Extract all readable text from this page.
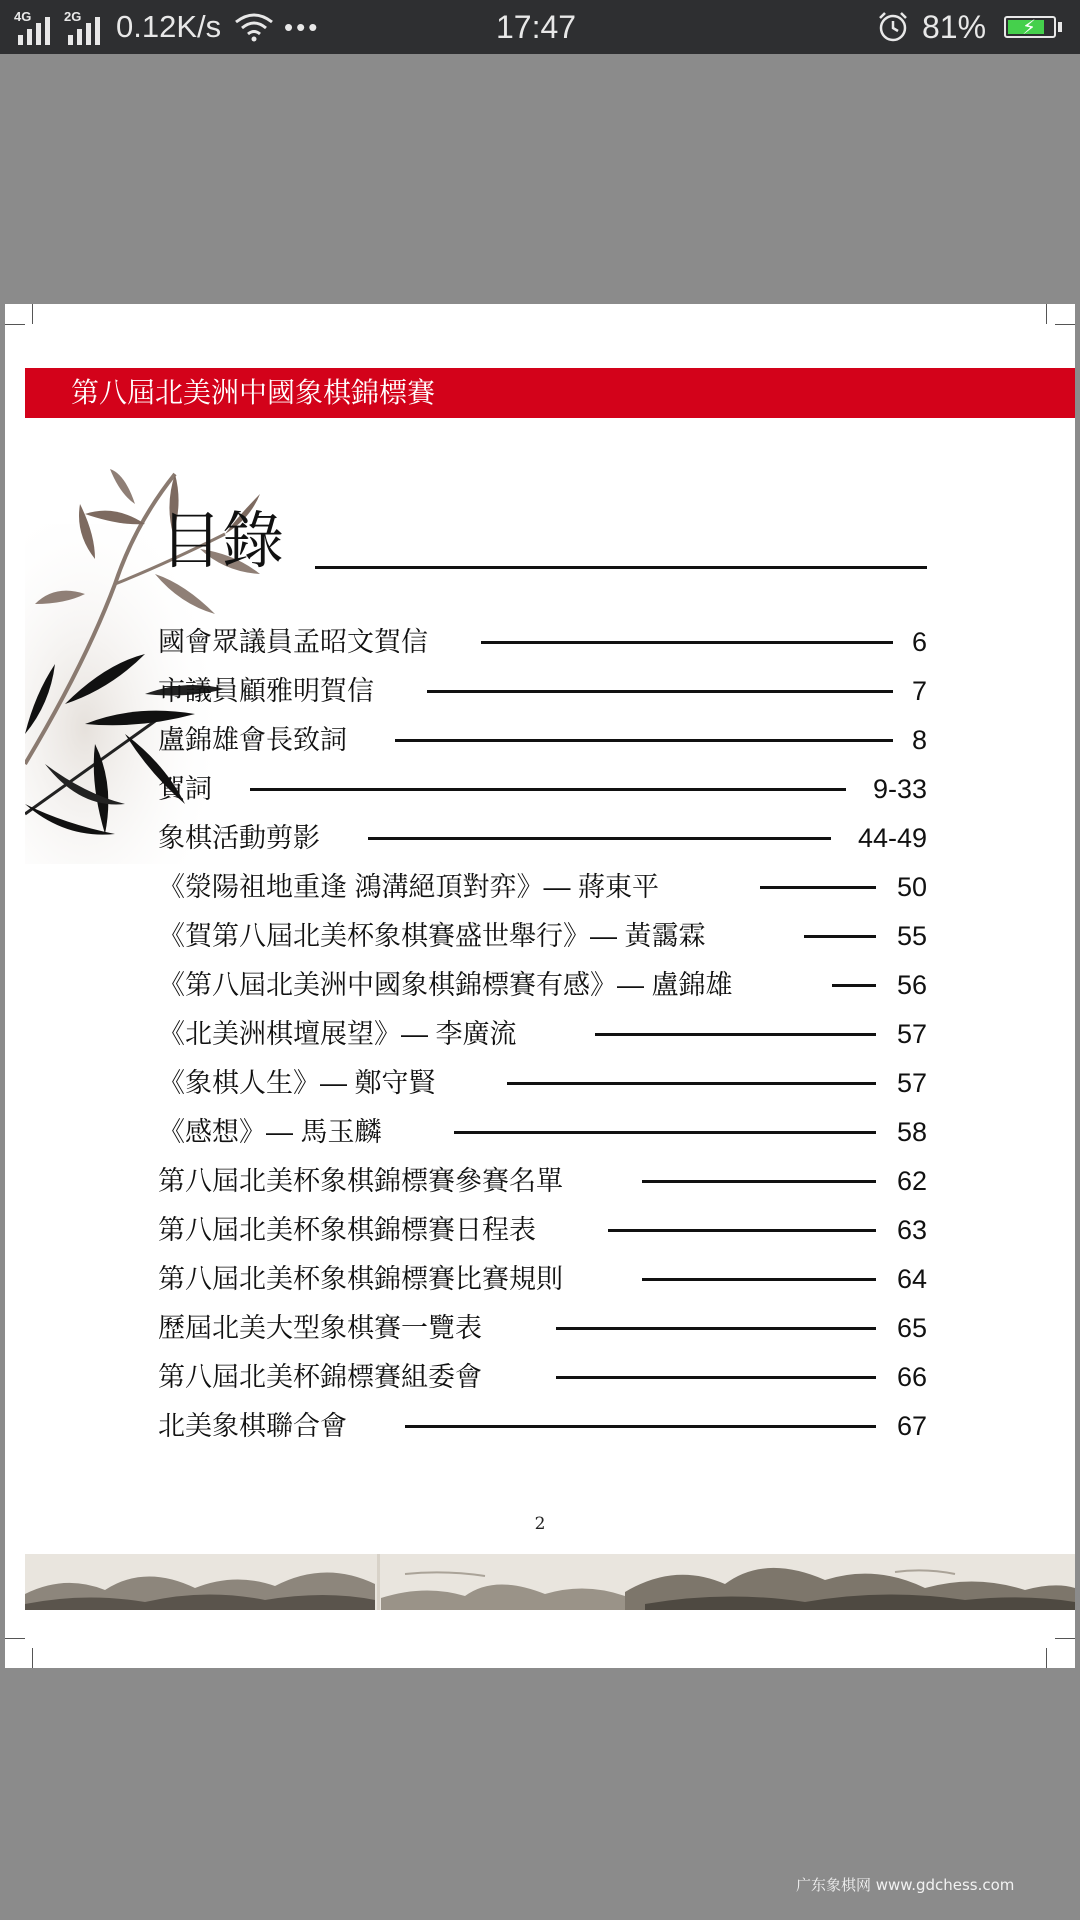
4G	2G 0.12K/s •••	17:47	81% ⚡
第八屆北美洲中國象棋錦標賽
目錄
國會眾議員孟昭文賀信	6
市議員顧雅明賀信	7
盧錦雄會長致詞	8
賀詞	9-33
象棋活動剪影	44-49
《滎陽祖地重逢 鴻溝絕頂對弈》— 蔣東平	50
《賀第八屆北美杯象棋賽盛世舉行》— 黃靄霖	55
《第八屆北美洲中國象棋錦標賽有感》— 盧錦雄	56
《北美洲棋壇展望》— 李廣流	57
《象棋人生》— 鄭守賢	57
《感想》— 馬玉麟	58
第八屆北美杯象棋錦標賽參賽名單	62
第八屆北美杯象棋錦標賽日程表	63
第八屆北美杯象棋錦標賽比賽規則	64
歷屆北美大型象棋賽一覽表	65
第八屆北美杯錦標賽組委會	66
北美象棋聯合會	67
2
广东象棋网 www.gdchess.com
